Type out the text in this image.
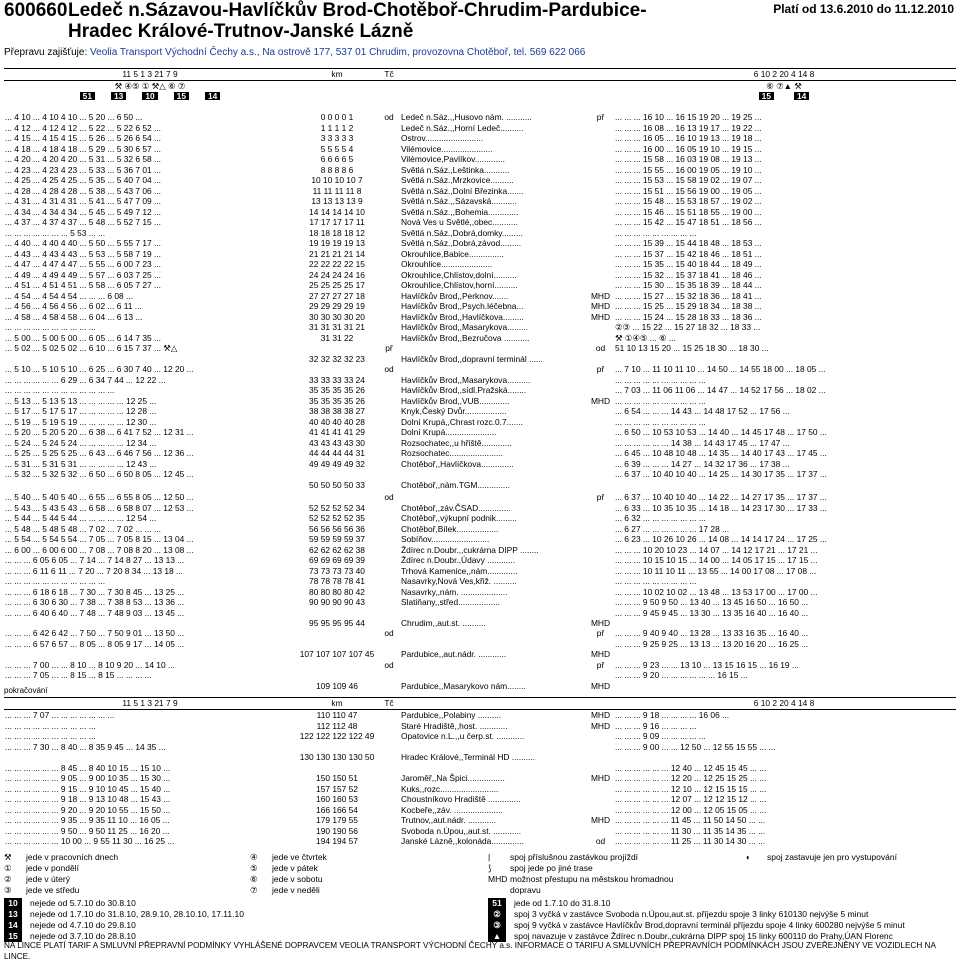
600660 Ledeč n.Sázavou-Havlíčkův Brod-Chotěboř-Chrudim-Pardubice-
Hradec Králové-Trutnov-Janské Lázně
Platí od 13.6.2010 do 11.12.2010
Přepravu zajišťuje: Veolia Transport Východní Čechy a.s., Na ostrově 177, 537 01 Chrudim, provozovna Chotěboř, tel. 569 622 066
11 5 1 3 21 7 9	km	Tč		6 10 2 20 4 14 8
⚒ ④⑤ ① ⚒△ ⑥ ⑦				⑥ ⑦▲ ⚒
51 13 10 15 14				15 14
... 4 10 ... 4 10 4 10 ... 5 20 ... 6 50 ...	0 0 0 0 1	od	Ledeč n.Sáz.,,Husovo nám. ...........	př	... ... ... 16 10 ... 16 15 19 20 ... 19 25 ...
... 4 12 ... 4 12 4 12 ... 5 22 ... 5 22 6 52 ...	1 1 1 1 2		Ledeč n.Sáz.,,Horní Ledeč..........		... ... ... 16 08 ... 16 13 19 17 ... 19 22 ...
... 4 15 ... 4 15 4 15 ... 5 26 ... 5 26 6 54 ...	3 3 3 3 3		Ostrov.........................		... ... ... 16 05 ... 16 10 19 13 ... 19 18 ...
... 4 18 ... 4 18 4 18 ... 5 29 ... 5 30 6 57 ...	5 5 5 5 4		Vilémovice......................		... ... ... 16 00 ... 16 05 19 10 ... 19 15 ...
... 4 20 ... 4 20 4 20 ... 5 31 ... 5 32 6 58 ...	6 6 6 6 5		Vilémovice,Pavlíkov.............		... ... ... 15 58 ... 16 03 19 08 ... 19 13 ...
... 4 23 ... 4 23 4 23 ... 5 33 ... 5 36 7 01 ...	8 8 8 8 6		Světlá n.Sáz.,Leštinka...........		... ... ... 15 55 ... 16 00 19 05 ... 19 10 ...
... 4 25 ... 4 25 4 25 ... 5 35 ... 5 40 7 04 ...	10 10 10 10 7		Světlá n.Sáz.,Mrzkovice..........		... ... ... 15 53 ... 15 58 19 02 ... 19 07 ...
... 4 28 ... 4 28 4 28 ... 5 38 ... 5 43 7 06 ...	11 11 11 11 8		Světlá n.Sáz.,Dolní Březinka.......		... ... ... 15 51 ... 15 56 19 00 ... 19 05 ...
... 4 31 ... 4 31 4 31 ... 5 41 ... 5 47 7 09 ...	13 13 13 13 9		Světlá n.Sáz.,,Sázavská...........		... ... ... 15 48 ... 15 53 18 57 ... 19 02 ...
... 4 34 ... 4 34 4 34 ... 5 45 ... 5 49 7 12 ...	14 14 14 14 10		Světlá n.Sáz.,,Bohemia.............		... ... ... 15 46 ... 15 51 18 55 ... 19 00 ...
... 4 37 ... 4 37 4 37 ... 5 48 ... 5 52 7 15 ...	17 17 17 17 11		Nová Ves u Světlé,,obec...........		... ... ... 15 42 ... 15 47 18 51 ... 18 56 ...
... ... ... ... ... ... ... 5 53 ... ...	18 18 18 18 12		Světlá n.Sáz.,Dobrá,domky.........		... ... ... ... ... ... ... ... ...
... 4 40 ... 4 40 4 40 ... 5 50 ... 5 55 7 17 ...	19 19 19 19 13		Světlá n.Sáz.,Dobrá,závod.........		... ... ... 15 39 ... 15 44 18 48 ... 18 53 ...
... 4 43 ... 4 43 4 43 ... 5 53 ... 5 58 7 19 ...	21 21 21 21 14		Okrouhlice,Babice...............		... ... ... 15 37 ... 15 42 18 46 ... 18 51 ...
... 4 47 ... 4 47 4 47 ... 5 55 ... 6 00 7 23 ...	22 22 22 22 15		Okrouhlice......................		... ... ... 15 35 ... 15 40 18 44 ... 18 49 ...
... 4 49 ... 4 49 4 49 ... 5 57 ... 6 03 7 25 ...	24 24 24 24 16		Okrouhlice,Chlístov,dolní..........		... ... ... 15 32 ... 15 37 18 41 ... 18 46 ...
... 4 51 ... 4 51 4 51 ... 5 58 ... 6 05 7 27 ...	25 25 25 25 17		Okrouhlice,Chlístov,horní..........		... ... ... 15 30 ... 15 35 18 39 ... 18 44 ...
... 4 54 ... 4 54 4 54 ... ... ... 6 08 ...	27 27 27 27 18		Havlíčkův Brod,,Perknov.......	MHD	... ... ... 15 27 ... 15 32 18 36 ... 18 41 ...
... 4 56 ... 4 56 4 56 ... 6 02 ... 6 11 ...	29 29 29 29 19		Havlíčkův Brod,,Psych.léčebna...	MHD	... ... ... 15 25 ... 15 29 18 34 ... 18 38 ...
... 4 58 ... 4 58 4 58 ... 6 04 ... 6 13 ...	30 30 30 30 20		Havlíčkův Brod,,Havlíčkova.........	MHD	... ... ... 15 24 ... 15 28 18 33 ... 18 36 ...
... ... ... ... ... ... ... ... ... ...	31 31 31 31 21		Havlíčkův Brod,,Masarykova.........		②③ ... 15 22 ... 15 27 18 32 ... 18 33 ...
... 5 00 ... 5 00 5 00 ... 6 05 ... 6 14 7 35 ...	31 31 22		Havlíčkův Brod,,Bezručova ...........		⚒ ①④⑤ ... ⑥ ...
... 5 02 ... 5 02 5 02 ... 6 10 ... 6 15 7 37 ... ⚒△		př		od	51 10 13 15 20 ... 15 25 18 30 ... 18 30 ...
	32 32 32 32 23		Havlíčkův Brod,,dopravní terminál ......		
... 5 10 ... 5 10 5 10 ... 6 25 ... 6 30 7 40 ... 12 20 ...		od		př	... 7 10 ... 11 10 11 10 ... 14 50 ... 14 55 18 00 ... 18 05 ...
... ... ... ... ... ... 6 29 ... 6 34 7 44 ... 12 22 ...	33 33 33 33 24		Havlíčkův Brod,,Masarykova..........		... ... ... ... ... ... ... ... ... ...
... ... ... ... ... ... ... ... ... ... ... ...	35 35 35 35 26		Havlíčkův Brod,,sídl.Pražská........		... 7 03 ... 11 06 11 06 ... 14 47 ... 14 52 17 56 ... 18 02 ...
... 5 13 ... 5 13 5 13 ... ... ... ... ... 12 25 ...	35 35 35 35 26		Havlíčkův Brod,,VUB.............	MHD	... ... ... ... ... ... ... ... ... ...
... 5 17 ... 5 17 5 17 ... ... ... ... ... 12 28 ...	38 38 38 38 27		Knyk,Český Dvůr..................		... 6 54 ... ... ... 14 43 ... 14 48 17 52 ... 17 56 ...
... 5 19 ... 5 19 5 19 ... ... ... ... ... 12 30 ...	40 40 40 40 28		Dolní Krupá,,Chrast rozc.0.7.......		... ... ... ... ... ... ... ... ... ...
... 5 20 ... 5 20 5 20 ... 6 38 ... 6 41 7 52 ... 12 31 ...	41 41 41 41 29		Dolní Krupá......................		... 6 50 ... 10 53 10 53 ... 14 40 ... 14 45 17 48 ... 17 50 ...
... 5 24 ... 5 24 5 24 ... ... ... ... ... 12 34 ...	43 43 43 43 30		Rozsochatec,,u hřiště.............		... ... ... ... ... ... 14 38 ... 14 43 17 45 ... 17 47 ...
... 5 25 ... 5 25 5 25 ... 6 43 ... 6 46 7 56 ... 12 36 ...	44 44 44 44 31		Rozsochatec.......................		... 6 45 ... 10 48 10 48 ... 14 35 ... 14 40 17 43 ... 17 45 ...
... 5 31 ... 5 31 5 31 ... ... ... ... ... 12 43 ...	49 49 49 49 32		Chotěboř,,Havlíčkova..............		... 6 39 ... ... ... 14 27 ... 14 32 17 36 ... 17 38 ...
... 5 32 ... 5 32 5 32 ... 6 50 ... 6 50 8 05 ... 12 45 ...					... 6 37 ... 10 40 10 40 ... 14 25 ... 14 30 17 35 ... 17 37 ...
	50 50 50 50 33		Chotěboř,,nám.TGM..............		
... 5 40 ... 5 40 5 40 ... 6 55 ... 6 55 8 05 ... 12 50 ...		od		př	... 6 37 ... 10 40 10 40 ... 14 22 ... 14 27 17 35 ... 17 37 ...
... 5 43 ... 5 43 5 43 ... 6 58 ... 6 58 8 07 ... 12 53 ...	52 52 52 52 34		Chotěboř,,záv.ČSAD..............		... 6 33 ... 10 35 10 35 ... 14 18 ... 14 23 17 30 ... 17 33 ...
... 5 44 ... 5 44 5 44 ... ... ... ... ... 12 54 ...	52 52 52 52 35		Chotěboř,,výkupní podnik.........		... 6 32 ... ... ... ... ... ... ...
... 5 48 ... 5 48 5 48 ... 7 02 ... 7 02 ... ... ...	56 56 56 56 36		Chotěboř,Bílek..................		... 6 27 ... ... ... ... ... ... 17 28 ...
... 5 54 ... 5 54 5 54 ... 7 05 ... 7 05 8 15 ... 13 04 ...	59 59 59 59 37		Sobíňov.........................		... 6 23 ... 10 26 10 26 ... 14 08 ... 14 14 17 24 ... 17 25 ...
... 6 00 ... 6 00 6 00 ... 7 08 ... 7 08 8 20 ... 13 08 ...	62 62 62 62 38		Ždírec n.Doubr.,,cukrárna DIPP ........		... ... ... 10 20 10 23 ... 14 07 ... 14 12 17 21 ... 17 21 ...
... ... ... 6 05 6 05 ... 7 14 ... 7 14 8 27 ... 13 13 ...	69 69 69 69 39		Ždírec n.Doubr.,Údavy ............		... ... ... 10 15 10 15 ... 14 00 ... 14 05 17 15 ... 17 15 ...
... ... ... 6 11 6 11 ... 7 20 ... 7 20 8 34 ... 13 18 ...	73 73 73 73 40		Trhová Kamenice,,nám.............		... ... ... 10 11 10 11 ... 13 55 ... 14 00 17 08 ... 17 08 ...
... ... ... ... ... ... ... ... ... ... ...	78 78 78 78 41		Nasavrky,Nová Ves,křiž. ..........		... ... ... ... ... ... ... ... ...
... ... ... 6 18 6 18 ... 7 30 ... 7 30 8 45 ... 13 25 ...	80 80 80 80 42		Nasavrky,,nám. ....................		... ... ... 10 02 10 02 ... 13 48 ... 13 53 17 00 ... 17 00 ...
... ... ... 6 30 6 30 ... 7 38 ... 7 38 8 53 ... 13 36 ...	90 90 90 90 43		Slatiňany,,střed..................		... ... ... 9 50 9 50 ... 13 40 ... 13 45 16 50 ... 16 50 ...
... ... ... 6 40 6 40 ... 7 48 ... 7 48 9 03 ... 13 45 ...					... ... ... 9 45 9 45 ... 13 30 ... 13 35 16 40 ... 16 40 ...
	95 95 95 95 44		Chrudim,,aut.st. ..........	MHD	
... ... ... 6 42 6 42 ... 7 50 ... 7 50 9 01 ... 13 50 ...		od		př	... ... ... 9 40 9 40 ... 13 28 ... 13 33 16 35 ... 16 40 ...
... ... ... 6 57 6 57 ... 8 05 ... 8 05 9 17 ... 14 05 ...					... ... ... 9 25 9 25 ... 13 13 ... 13 20 16 20 ... 16 25 ...
	107 107 107 107 45		Pardubice,,aut.nádr. ............	MHD	
... ... ... 7 00 ... ... 8 10 ... 8 10 9 20 ... 14 10 ...		od		př	... ... ... 9 23 ... ... 13 10 ... 13 15 16 15 ... 16 19 ...
... ... ... 7 05 ... ... 8 15 ... 8 15 ... ... ... ...					... ... ... 9 20 ... ... ... ... ... ... 16 15 ...
	109 109 46		Pardubice,,Masarykovo nám........	MHD	
pokračování
11 5 1 3 21 7 9	km	Tč		6 10 2 20 4 14 8
... ... ... 7 07 ... ... ... ... ... ... ...	110 110 47		Pardubice,,Polabiny ..........	MHD	... ... ... 9 18 ... ... ... ... 16 06 ...
... ... ... ... ... ... ... ... ... ...	112 112 48		Staré Hradiště,,host. ............	MHD	... ... ... 9 16 ... ... ... ...
... ... ... ... ... ... ... ... ... ...	122 122 122 122 49		Opatovice n.L.,,u čerp.st. ............		... ... ... 9 09 ... ... ... ... ...
... ... ... 7 30 ... 8 40 ... 8 35 9 45 ... 14 35 ...					... ... ... 9 00 ... ... 12 50 ... 12 55 15 55 ... ...
	130 130 130 130 50		Hradec Králové,,Terminál HD ..........		
... ... ... ... ... ... 8 45 ... 8 40 10 15 ... 15 10 ...					... ... ... ... ... ... 12 40 ... 12 45 15 45 ... ...
... ... ... ... ... ... 9 05 ... 9 00 10 35 ... 15 30 ...	150 150 51		Jaroměř,,Na Špici................	MHD	... ... ... ... ... ... 12 20 ... 12 25 15 25 ... ...
... ... ... ... ... ... 9 15 ... 9 10 10 45 ... 15 40 ...	157 157 52		Kuks,,rozc.........................		... ... ... ... ... ... 12 10 ... 12 15 15 15 ... ...
... ... ... ... ... ... 9 18 ... 9 13 10 48 ... 15 43 ...	160 160 53		Choustníkovo Hradiště ..............		... ... ... ... ... ... 12 07 ... 12 12 15 12 ... ...
... ... ... ... ... ... 9 20 ... 9 20 10 55 ... 15 50 ...	166 166 54		Kocbeře,,záv. .....................		... ... ... ... ... ... 12 00 ... 12 05 15 05 ... ...
... ... ... ... ... ... 9 35 ... 9 35 11 10 ... 16 05 ...	179 179 55		Trutnov,,aut.nádr. ............	MHD	... ... ... ... ... ... 11 45 ... 11 50 14 50 ... ...
... ... ... ... ... ... 9 50 ... 9 50 11 25 ... 16 20 ...	190 190 56		Svoboda n.Úpou,,aut.st. ............		... ... ... ... ... ... 11 30 ... 11 35 14 35 ... ...
... ... ... ... ... ... 10 00 ... 9 55 11 30 ... 16 25 ...	194 194 57		Janské Lázně,,kolonáda..............	od	... ... ... ... ... ... 11 25 ... 11 30 14 30 ... ...
⚒ jede v pracovních dnech
① jede v pondělí
② jede v úterý
③ jede ve středu
④ jede ve čtvrtek
⑤ jede v pátek
⑥ jede v sobotu
⑦ jede v neděli
| spoj příslušnou zastávkou projíždí
⟆ spoj jede po jiné trase
MHD možnost přestupu na městskou hromadnou
dopravu
◖ spoj zastavuje jen pro vystupování
10 nejede od 5.7.10 do 30.8.10
13 nejede od 1.7.10 do 31.8.10, 28.9.10, 28.10.10, 17.11.10
14 nejede od 4.7.10 do 29.8.10
15 nejede od 3.7.10 do 28.8.10
51 jede od 1.7.10 do 31.8.10
② spoj 3 vyčká v zastávce Svoboda n.Úpou,aut.st. příjezdu spoje 3 linky 610130 nejvýše 5 minut
③ spoj 9 vyčká v zastávce Havlíčkův Brod,dopravní terminál příjezdu spoje 4 linky 600280 nejvýše 5 minut
▲ spoj navazuje v zastávce Ždírec n.Doubr.,cukrárna DIPP spoj 15 linky 600110 do Prahy,ÚAN Florenc
NA LINCE PLATÍ TARIF A SMLUVNÍ PŘEPRAVNÍ PODMÍNKY VYHLÁŠENÉ DOPRAVCEM VEOLIA TRANSPORT VÝCHODNÍ ČECHY a.s. INFORMACE O TARIFU A SMLUVNÍCH PŘEPRAVNÍCH PODMÍNKÁCH JSOU ZVEŘEJNĚNY VE VOZIDLECH NA LINCE.
